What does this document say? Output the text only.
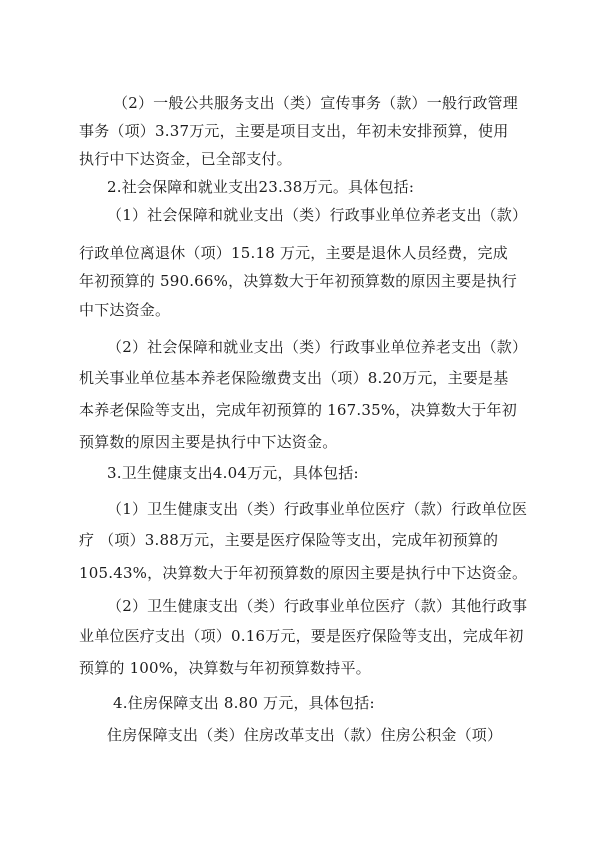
（2）一般公共服务支出（类）宣传事务（款）一般行政管理
事务（项）3.37万元，主要是项目支出，年初未安排预算，使用
执行中下达资金，已全部支付。
2.社会保障和就业支出23.38万元。具体包括:
（1）社会保障和就业支出（类）行政事业单位养老支出（款）
行政单位离退休（项）15.18 万元，主要是退休人员经费，完成
年初预算的 590.66%，决算数大于年初预算数的原因主要是执行
中下达资金。
（2）社会保障和就业支出（类）行政事业单位养老支出（款）
机关事业单位基本养老保险缴费支出（项）8.20万元，主要是基
本养老保险等支出，完成年初预算的 167.35%，决算数大于年初
预算数的原因主要是执行中下达资金。
3.卫生健康支出4.04万元，具体包括:
（1）卫生健康支出（类）行政事业单位医疗（款）行政单位医
疗 （项）3.88万元，主要是医疗保险等支出，完成年初预算的
105.43%，决算数大于年初预算数的原因主要是执行中下达资金。
（2）卫生健康支出（类）行政事业单位医疗（款）其他行政事
业单位医疗支出（项）0.16万元，要是医疗保险等支出，完成年初
预算的 100%，决算数与年初预算数持平。
4.住房保障支出 8.80 万元，具体包括:
住房保障支出（类）住房改革支出（款）住房公积金（项）
